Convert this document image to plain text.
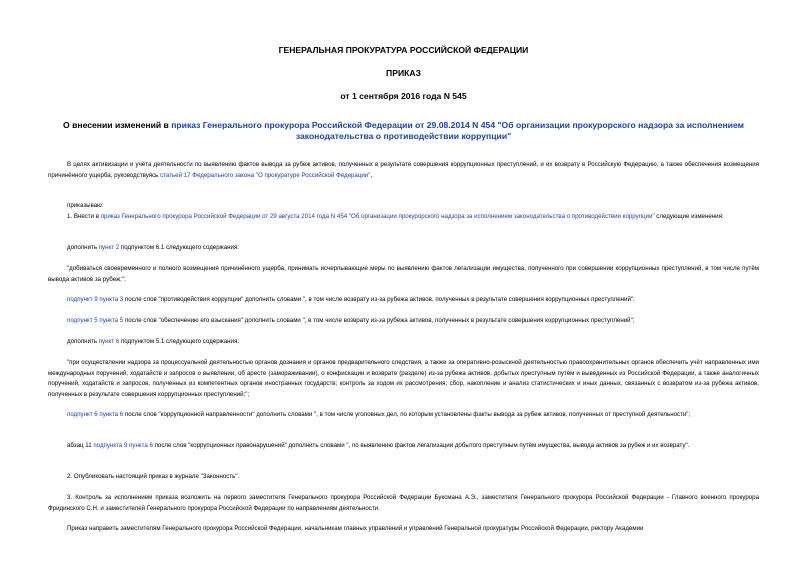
ГЕНЕРАЛЬНАЯ ПРОКУРАТУРА РОССИЙСКОЙ ФЕДЕРАЦИИ
ПРИКАЗ
от 1 сентября 2016 года N 545
О внесении изменений в приказ Генерального прокурора Российской Федерации от 29.08.2014 N 454 "Об организации прокурорского надзора за исполнением законодательства о противодействии коррупции"
В целях активизации и учёта деятельности по выявлению фактов вывода за рубеж активов, полученных в результате совершения коррупционных преступлений, и их возврату в Российскую Федерацию, а также обеспечения возмещения причинённого ущерба, руководствуясь статьей 17 Федерального закона "О прокуратуре Российской Федерации",
приказываю:
1. Внести в приказ Генерального прокурора Российской Федерации от 29 августа 2014 года N 454 "Об организации прокурорского надзора за исполнением законодательства о противодействии коррупции" следующие изменения:
дополнить пункт 2 подпунктом 6.1 следующего содержания:
"добиваться своевременного и полного возмещения причинённого ущерба, принимать исчерпывающие меры по выявлению фактов легализации имущества, полученного при совершении коррупционных преступлений, в том числе путём вывода активов за рубеж;";
подпункт 9 пункта 3 после слов "противодействия коррупции" дополнить словами ", в том числе возврату из-за рубежа активов, полученных в результате совершения коррупционных преступлений";
подпункт 5 пункта 5 после слов "обеспечению его взыскания" дополнить словами ", в том числе возврату из-за рубежа активов, полученных в результате совершения коррупционных преступлений";
дополнить пункт 6 подпунктом 5.1 следующего содержания:
"при осуществлении надзора за процессуальной деятельностью органов дознания и органов предварительного следствия, а также за оперативно-розыскной деятельностью правоохранительных органов обеспечить учёт направленных ими международных поручений, ходатайств и запросов о выявлении, об аресте (замораживании), о конфискации и возврате (разделе) из-за рубежа активов, добытых преступным путём и выведенных из Российской Федерации, а также аналогичных поручений, ходатайств и запросов, полученных из компетентных органов иностранных государств; контроль за ходом их рассмотрения; сбор, накопление и анализ статистических и иных данных, связанных с возвратом из-за рубежа активов, полученных в результате совершения коррупционных преступлений;";
подпункт 6 пункта 6 после слов "коррупционной направленности" дополнить словами ", в том числе уголовных дел, по которым установлены факты вывода за рубеж активов, полученных от преступной деятельности";
абзац 11 подпункта 9 пункта 6 после слов "коррупционных правонарушений" дополнить словами ", по выявлению фактов легализации добытого преступным путём имущества, вывода активов за рубеж и их возврату".
2. Опубликовать настоящий приказ в журнале "Законность".
3. Контроль за исполнением приказа возложить на первого заместителя Генерального прокурора Российской Федерации Буксмана А.Э., заместителя Генерального прокурора Российской Федерации - Главного военного прокурора Фридинского С.Н. и заместителей Генерального прокурора Российской Федерации по направлениям деятельности.
Приказ направить заместителям Генерального прокурора Российской Федерации, начальникам главных управлений и управлений Генеральной прокуратуры Российской Федерации, ректору Академии
